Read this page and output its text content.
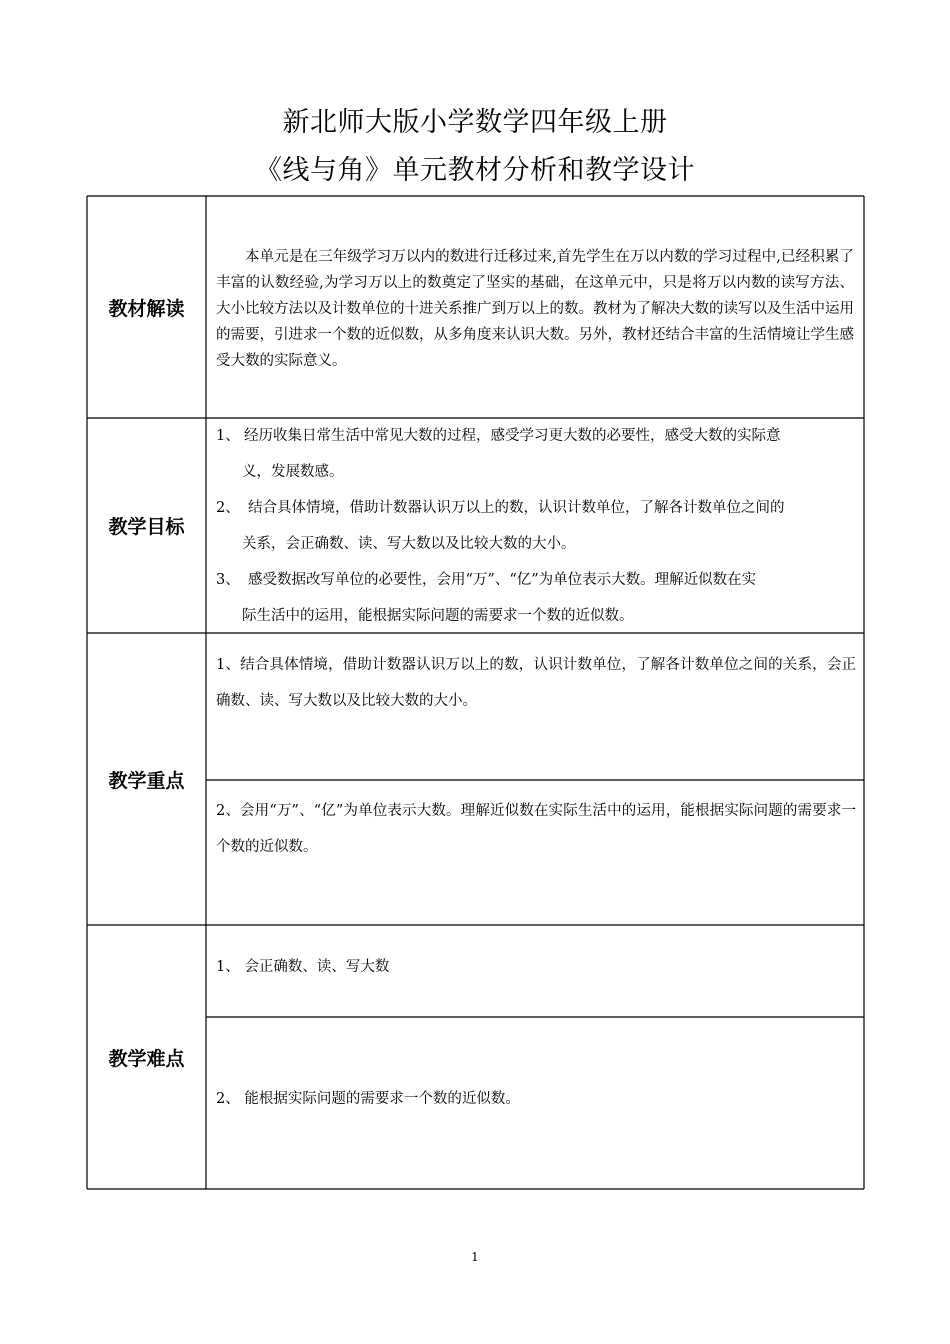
新北师大版小学数学四年级上册
《线与角》单元教材分析和教学设计
教材解读

本单元是在三年级学习万以内的数进行迁移过来,首先学生在万以内数的学习过程中,已经积累了丰富的认数经验,为学习万以上的数奠定了坚实的基础，在这单元中，只是将万以内数的读写方法、大小比较方法以及计数单位的十进关系推广到万以上的数。教材为了解决大数的读写以及生活中运用的需要，引进求一个数的近似数，从多角度来认识大数。另外，教材还结合丰富的生活情境让学生感受大数的实际意义。

教学目标
1、 经历收集日常生活中常见大数的过程，感受学习更大数的必要性，感受大数的实际意
义，发展数感。
2、 结合具体情境，借助计数器认识万以上的数，认识计数单位，了解各计数单位之间的
关系，会正确数、读、写大数以及比较大数的大小。
3、 感受数据改写单位的必要性，会用“万”、“亿”为单位表示大数。理解近似数在实
际生活中的运用，能根据实际问题的需要求一个数的近似数。
教学重点

1、结合具体情境，借助计数器认识万以上的数，认识计数单位，了解各计数单位之间的关系，会正确数、读、写大数以及比较大数的大小。

2、会用“万”、“亿”为单位表示大数。理解近似数在实际生活中的运用，能根据实际问题的需要求一个数的近似数。

教学难点

1、 会正确数、读、写大数

2、 能根据实际问题的需要求一个数的近似数。

1
